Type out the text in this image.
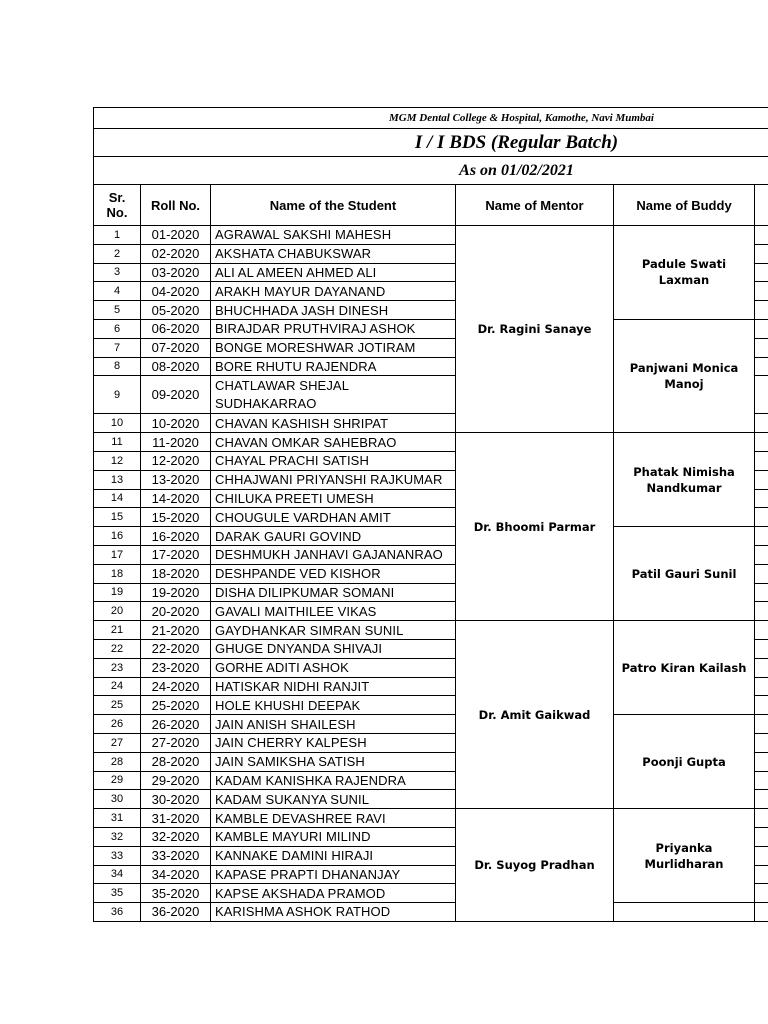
MGM Dental College & Hospital, Kamothe, Navi Mumbai					
I / I BDS (Regular Batch)					
As on 01/02/2021					
Sr. No.	Roll No.	Name of the Student	Name of Mentor	Name of Buddy	
1	01-2020	AGRAWAL SAKSHI MAHESH	Dr. Ragini Sanaye	Padule Swati Laxman	
2	02-2020	AKSHATA CHABUKSWAR			
3	03-2020	ALI AL AMEEN AHMED ALI			
4	04-2020	ARAKH MAYUR DAYANAND			
5	05-2020	BHUCHHADA JASH DINESH			
6	06-2020	BIRAJDAR PRUTHVIRAJ ASHOK		Panjwani Monica Manoj	
7	07-2020	BONGE MORESHWAR JOTIRAM			
8	08-2020	BORE RHUTU RAJENDRA			
9	09-2020	CHATLAWAR SHEJAL SUDHAKARRAO			
10	10-2020	CHAVAN KASHISH SHRIPAT			
11	11-2020	CHAVAN OMKAR SAHEBRAO	Dr. Bhoomi Parmar	Phatak Nimisha Nandkumar	
12	12-2020	CHAYAL PRACHI SATISH			
13	13-2020	CHHAJWANI PRIYANSHI RAJKUMAR			
14	14-2020	CHILUKA PREETI UMESH			
15	15-2020	CHOUGULE VARDHAN AMIT			
16	16-2020	DARAK GAURI GOVIND		Patil Gauri Sunil	
17	17-2020	DESHMUKH JANHAVI GAJANANRAO			
18	18-2020	DESHPANDE VED KISHOR			
19	19-2020	DISHA DILIPKUMAR SOMANI			
20	20-2020	GAVALI MAITHILEE VIKAS			
21	21-2020	GAYDHANKAR SIMRAN SUNIL	Dr. Amit Gaikwad	Patro Kiran Kailash	
22	22-2020	GHUGE DNYANDA SHIVAJI			
23	23-2020	GORHE ADITI ASHOK			
24	24-2020	HATISKAR NIDHI RANJIT			
25	25-2020	HOLE KHUSHI DEEPAK			
26	26-2020	JAIN ANISH SHAILESH		Poonji Gupta	
27	27-2020	JAIN CHERRY KALPESH			
28	28-2020	JAIN SAMIKSHA SATISH			
29	29-2020	KADAM KANISHKA RAJENDRA			
30	30-2020	KADAM SUKANYA SUNIL			
31	31-2020	KAMBLE DEVASHREE RAVI	Dr. Suyog Pradhan	Priyanka Murlidharan	
32	32-2020	KAMBLE MAYURI MILIND			
33	33-2020	KANNAKE DAMINI HIRAJI			
34	34-2020	KAPASE PRAPTI DHANANJAY			
35	35-2020	KAPSE AKSHADA PRAMOD			
36	36-2020	KARISHMA ASHOK RATHOD			
